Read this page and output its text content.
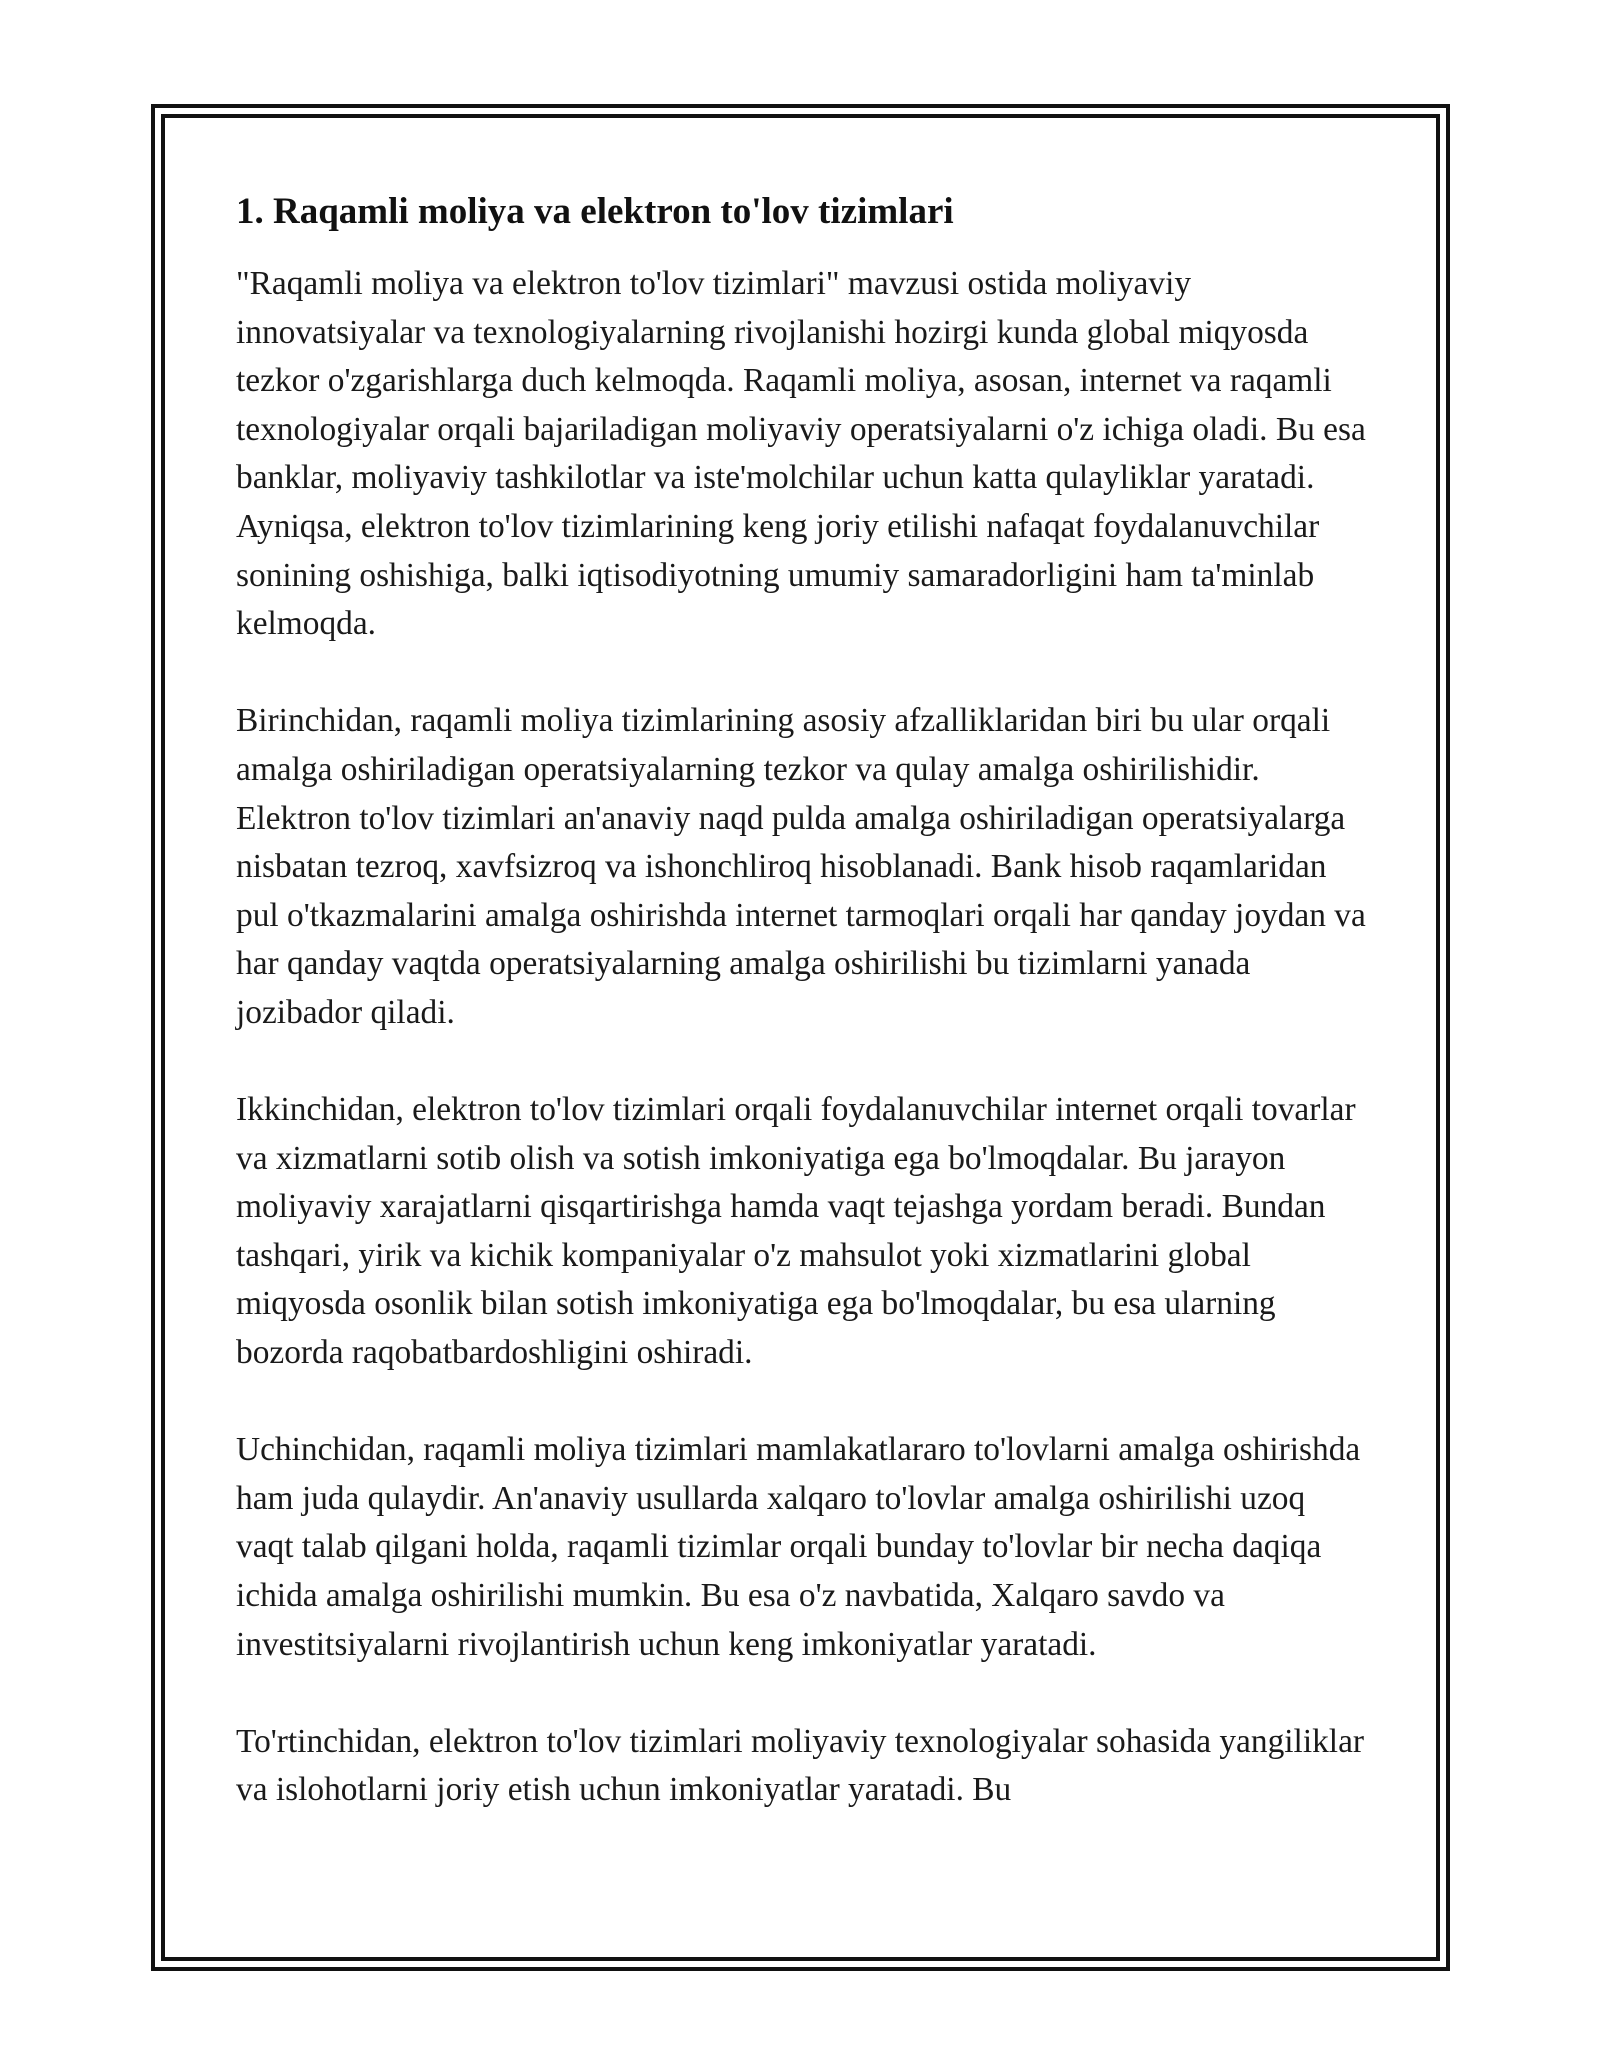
1. Raqamli moliya va elektron to'lov tizimlari

"Raqamli moliya va elektron to'lov tizimlari" mavzusi ostida moliyaviy innovatsiyalar va texnologiyalarning rivojlanishi hozirgi kunda global miqyosda tezkor o'zgarishlarga duch kelmoqda. Raqamli moliya, asosan, internet va raqamli texnologiyalar orqali bajariladigan moliyaviy operatsiyalarni o'z ichiga oladi. Bu esa banklar, moliyaviy tashkilotlar va iste'molchilar uchun katta qulayliklar yaratadi. Ayniqsa, elektron to'lov tizimlarining keng joriy etilishi nafaqat foydalanuvchilar sonining oshishiga, balki iqtisodiyotning umumiy samaradorligini ham ta'minlab kelmoqda.

Birinchidan, raqamli moliya tizimlarining asosiy afzalliklaridan biri bu ular orqali amalga oshiriladigan operatsiyalarning tezkor va qulay amalga oshirilishidir. Elektron to'lov tizimlari an'anaviy naqd pulda amalga oshiriladigan operatsiyalarga nisbatan tezroq, xavfsizroq va ishonchliroq hisoblanadi. Bank hisob raqamlaridan pul o'tkazmalarini amalga oshirishda internet tarmoqlari orqali har qanday joydan va har qanday vaqtda operatsiyalarning amalga oshirilishi bu tizimlarni yanada jozibador qiladi.

Ikkinchidan, elektron to'lov tizimlari orqali foydalanuvchilar internet orqali tovarlar va xizmatlarni sotib olish va sotish imkoniyatiga ega bo'lmoqdalar. Bu jarayon moliyaviy xarajatlarni qisqartirishga hamda vaqt tejashga yordam beradi. Bundan tashqari, yirik va kichik kompaniyalar o'z mahsulot yoki xizmatlarini global miqyosda osonlik bilan sotish imkoniyatiga ega bo'lmoqdalar, bu esa ularning bozorda raqobatbardoshligini oshiradi.

Uchinchidan, raqamli moliya tizimlari mamlakatlararo to'lovlarni amalga oshirishda ham juda qulaydir. An'anaviy usullarda xalqaro to'lovlar amalga oshirilishi uzoq vaqt talab qilgani holda, raqamli tizimlar orqali bunday to'lovlar bir necha daqiqa ichida amalga oshirilishi mumkin. Bu esa o'z navbatida, Xalqaro savdo va investitsiyalarni rivojlantirish uchun keng imkoniyatlar yaratadi.

To'rtinchidan, elektron to'lov tizimlari moliyaviy texnologiyalar sohasida yangiliklar va islohotlarni joriy etish uchun imkoniyatlar yaratadi. Bu
